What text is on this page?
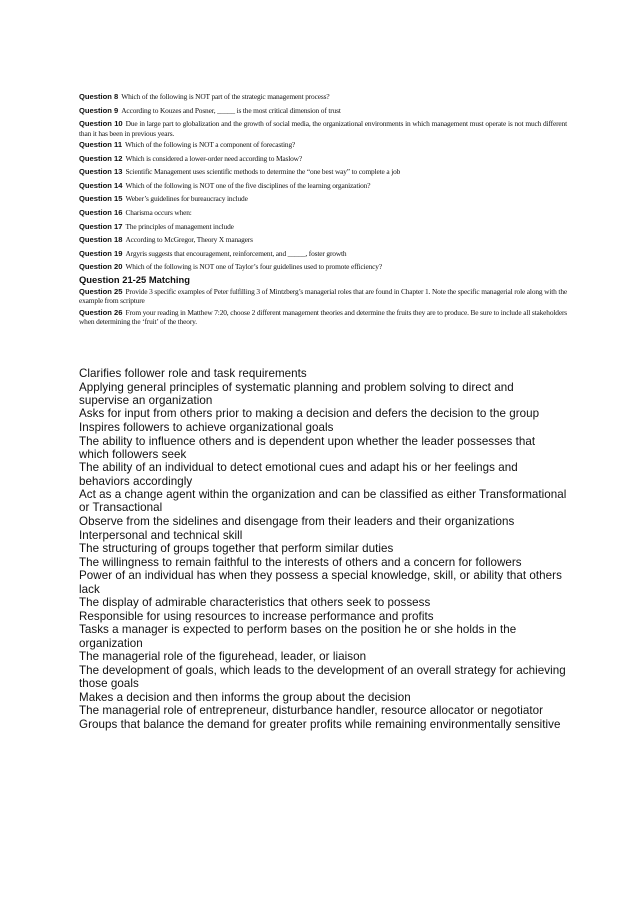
Question 8 Which of the following is NOT part of the strategic management process?

Question 9 According to Kouzes and Posner, _____ is the most critical dimension of trust

Question 10 Due in large part to globalization and the growth of social media, the organizational environments in which management must operate is not much different than it has been in previous years.

Question 11 Which of the following is NOT a component of forecasting?

Question 12 Which is considered a lower-order need according to Maslow?

Question 13 Scientific Management uses scientific methods to determine the “one best way” to complete a job

Question 14 Which of the following is NOT one of the five disciplines of the learning organization?

Question 15 Weber’s guidelines for bureaucracy include

Question 16 Charisma occurs when:

Question 17 The principles of management include

Question 18 According to McGregor, Theory X managers

Question 19 Argyris suggests that encouragement, reinforcement, and _____, foster growth

Question 20 Which of the following is NOT one of Taylor’s four guidelines used to promote efficiency?

Question 21-25 Matching

Question 25 Provide 3 specific examples of Peter fulfilling 3 of Mintzberg’s managerial roles that are found in Chapter 1. Note the specific managerial role along with the example from scripture

Question 26 From your reading in Matthew 7:20, choose 2 different management theories and determine the fruits they are to produce. Be sure to include all stakeholders when determining the ‘fruit’ of the theory.

Clarifies follower role and task requirements

Applying general principles of systematic planning and problem solving to direct and supervise an organization

Asks for input from others prior to making a decision and defers the decision to the group

Inspires followers to achieve organizational goals

The ability to influence others and is dependent upon whether the leader possesses that which followers seek

The ability of an individual to detect emotional cues and adapt his or her feelings and behaviors accordingly

Act as a change agent within the organization and can be classified as either Transformational or Transactional

Observe from the sidelines and disengage from their leaders and their organizations

Interpersonal and technical skill

The structuring of groups together that perform similar duties

The willingness to remain faithful to the interests of others and a concern for followers

Power of an individual has when they possess a special knowledge, skill, or ability that others lack

The display of admirable characteristics that others seek to possess

Responsible for using resources to increase performance and profits

Tasks a manager is expected to perform bases on the position he or she holds in the organization

The managerial role of the figurehead, leader, or liaison

The development of goals, which leads to the development of an overall strategy for achieving those goals

Makes a decision and then informs the group about the decision

The managerial role of entrepreneur, disturbance handler, resource allocator or negotiator

Groups that balance the demand for greater profits while remaining environmentally sensitive
